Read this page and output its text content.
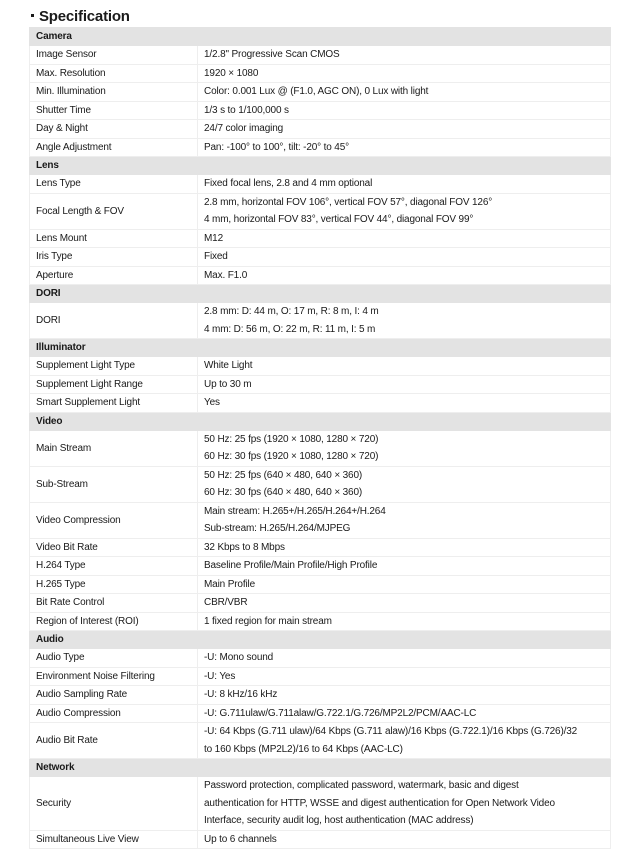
Specification
Camera	
Image Sensor	1/2.8" Progressive Scan CMOS

Max. Resolution	1920 × 1080

Min. Illumination	Color: 0.001 Lux @ (F1.0, AGC ON), 0 Lux with light

Shutter Time	1/3 s to 1/100,000 s

Day & Night	24/7 color imaging

Angle Adjustment	Pan: -100° to 100°, tilt: -20° to 45°

Lens	
Lens Type	Fixed focal lens, 2.8 and 4 mm optional

Focal Length & FOV	2.8 mm, horizontal FOV 106°, vertical FOV 57°, diagonal FOV 126°
4 mm, horizontal FOV 83°, vertical FOV 44°, diagonal FOV 99°

Lens Mount	M12

Iris Type	Fixed

Aperture	Max. F1.0

DORI	
DORI	2.8 mm: D: 44 m, O: 17 m, R: 8 m, I: 4 m
4 mm: D: 56 m, O: 22 m, R: 11 m, I: 5 m

Illuminator	
Supplement Light Type	White Light

Supplement Light Range	Up to 30 m

Smart Supplement Light	Yes

Video	
Main Stream	50 Hz: 25 fps (1920 × 1080, 1280 × 720)
60 Hz: 30 fps (1920 × 1080, 1280 × 720)

Sub-Stream	50 Hz: 25 fps (640 × 480, 640 × 360)
60 Hz: 30 fps (640 × 480, 640 × 360)

Video Compression	Main stream: H.265+/H.265/H.264+/H.264
Sub-stream: H.265/H.264/MJPEG

Video Bit Rate	32 Kbps to 8 Mbps

H.264 Type	Baseline Profile/Main Profile/High Profile

H.265 Type	Main Profile

Bit Rate Control	CBR/VBR

Region of Interest (ROI)	1 fixed region for main stream

Audio	
Audio Type	-U: Mono sound

Environment Noise Filtering	-U: Yes

Audio Sampling Rate	-U: 8 kHz/16 kHz

Audio Compression	-U: G.711ulaw/G.711alaw/G.722.1/G.726/MP2L2/PCM/AAC-LC

Audio Bit Rate	-U: 64 Kbps (G.711 ulaw)/64 Kbps (G.711 alaw)/16 Kbps (G.722.1)/16 Kbps (G.726)/32
to 160 Kbps (MP2L2)/16 to 64 Kbps (AAC-LC)

Network	
Security	Password protection, complicated password, watermark, basic and digest
authentication for HTTP, WSSE and digest authentication for Open Network Video
Interface, security audit log, host authentication (MAC address)

Simultaneous Live View	Up to 6 channels
